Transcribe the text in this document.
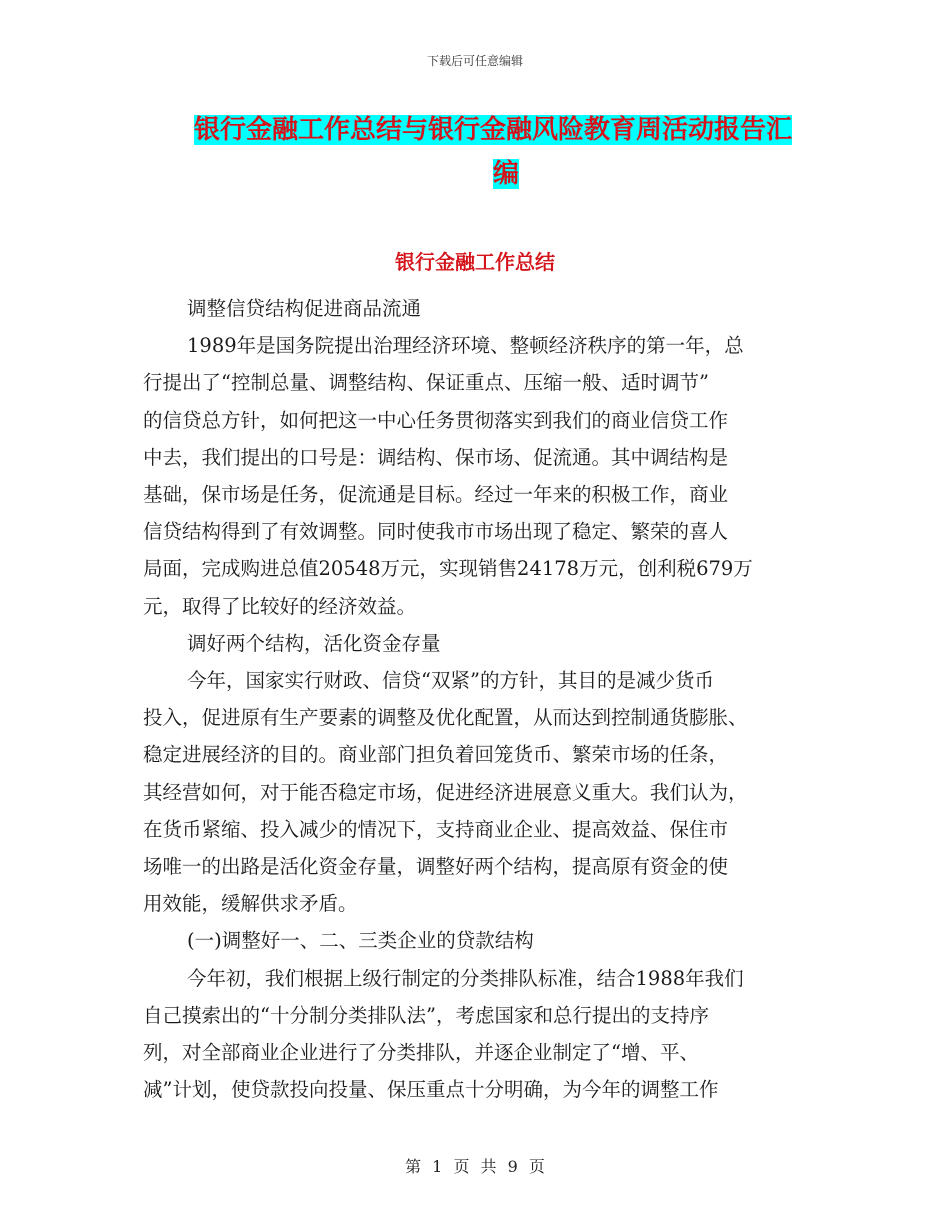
下载后可任意编辑
银行金融工作总结与银行金融风险教育周活动报告汇
编
银行金融工作总结
调整信贷结构促进商品流通
1989年是国务院提出治理经济环境、整顿经济秩序的第一年，总
行提出了“控制总量、调整结构、保证重点、压缩一般、适时调节”
的信贷总方针，如何把这一中心任务贯彻落实到我们的商业信贷工作
中去，我们提出的口号是：调结构、保市场、促流通。其中调结构是
基础，保市场是任务，促流通是目标。经过一年来的积极工作，商业
信贷结构得到了有效调整。同时使我市市场出现了稳定、繁荣的喜人
局面，完成购进总值20548万元，实现销售24178万元，创利税679万
元，取得了比较好的经济效益。
调好两个结构，活化资金存量
今年，国家实行财政、信贷“双紧”的方针，其目的是减少货币
投入，促进原有生产要素的调整及优化配置，从而达到控制通货膨胀、
稳定进展经济的目的。商业部门担负着回笼货币、繁荣市场的任条，
其经营如何，对于能否稳定市场，促进经济进展意义重大。我们认为，
在货币紧缩、投入减少的情况下，支持商业企业、提高效益、保住市
场唯一的出路是活化资金存量，调整好两个结构，提高原有资金的使
用效能，缓解供求矛盾。
(一)调整好一、二、三类企业的贷款结构
今年初，我们根据上级行制定的分类排队标准，结合1988年我们
自己摸索出的“十分制分类排队法”，考虑国家和总行提出的支持序
列，对全部商业企业进行了分类排队，并逐企业制定了“增、平、
减”计划，使贷款投向投量、保压重点十分明确，为今年的调整工作
第 1 页 共 9 页
